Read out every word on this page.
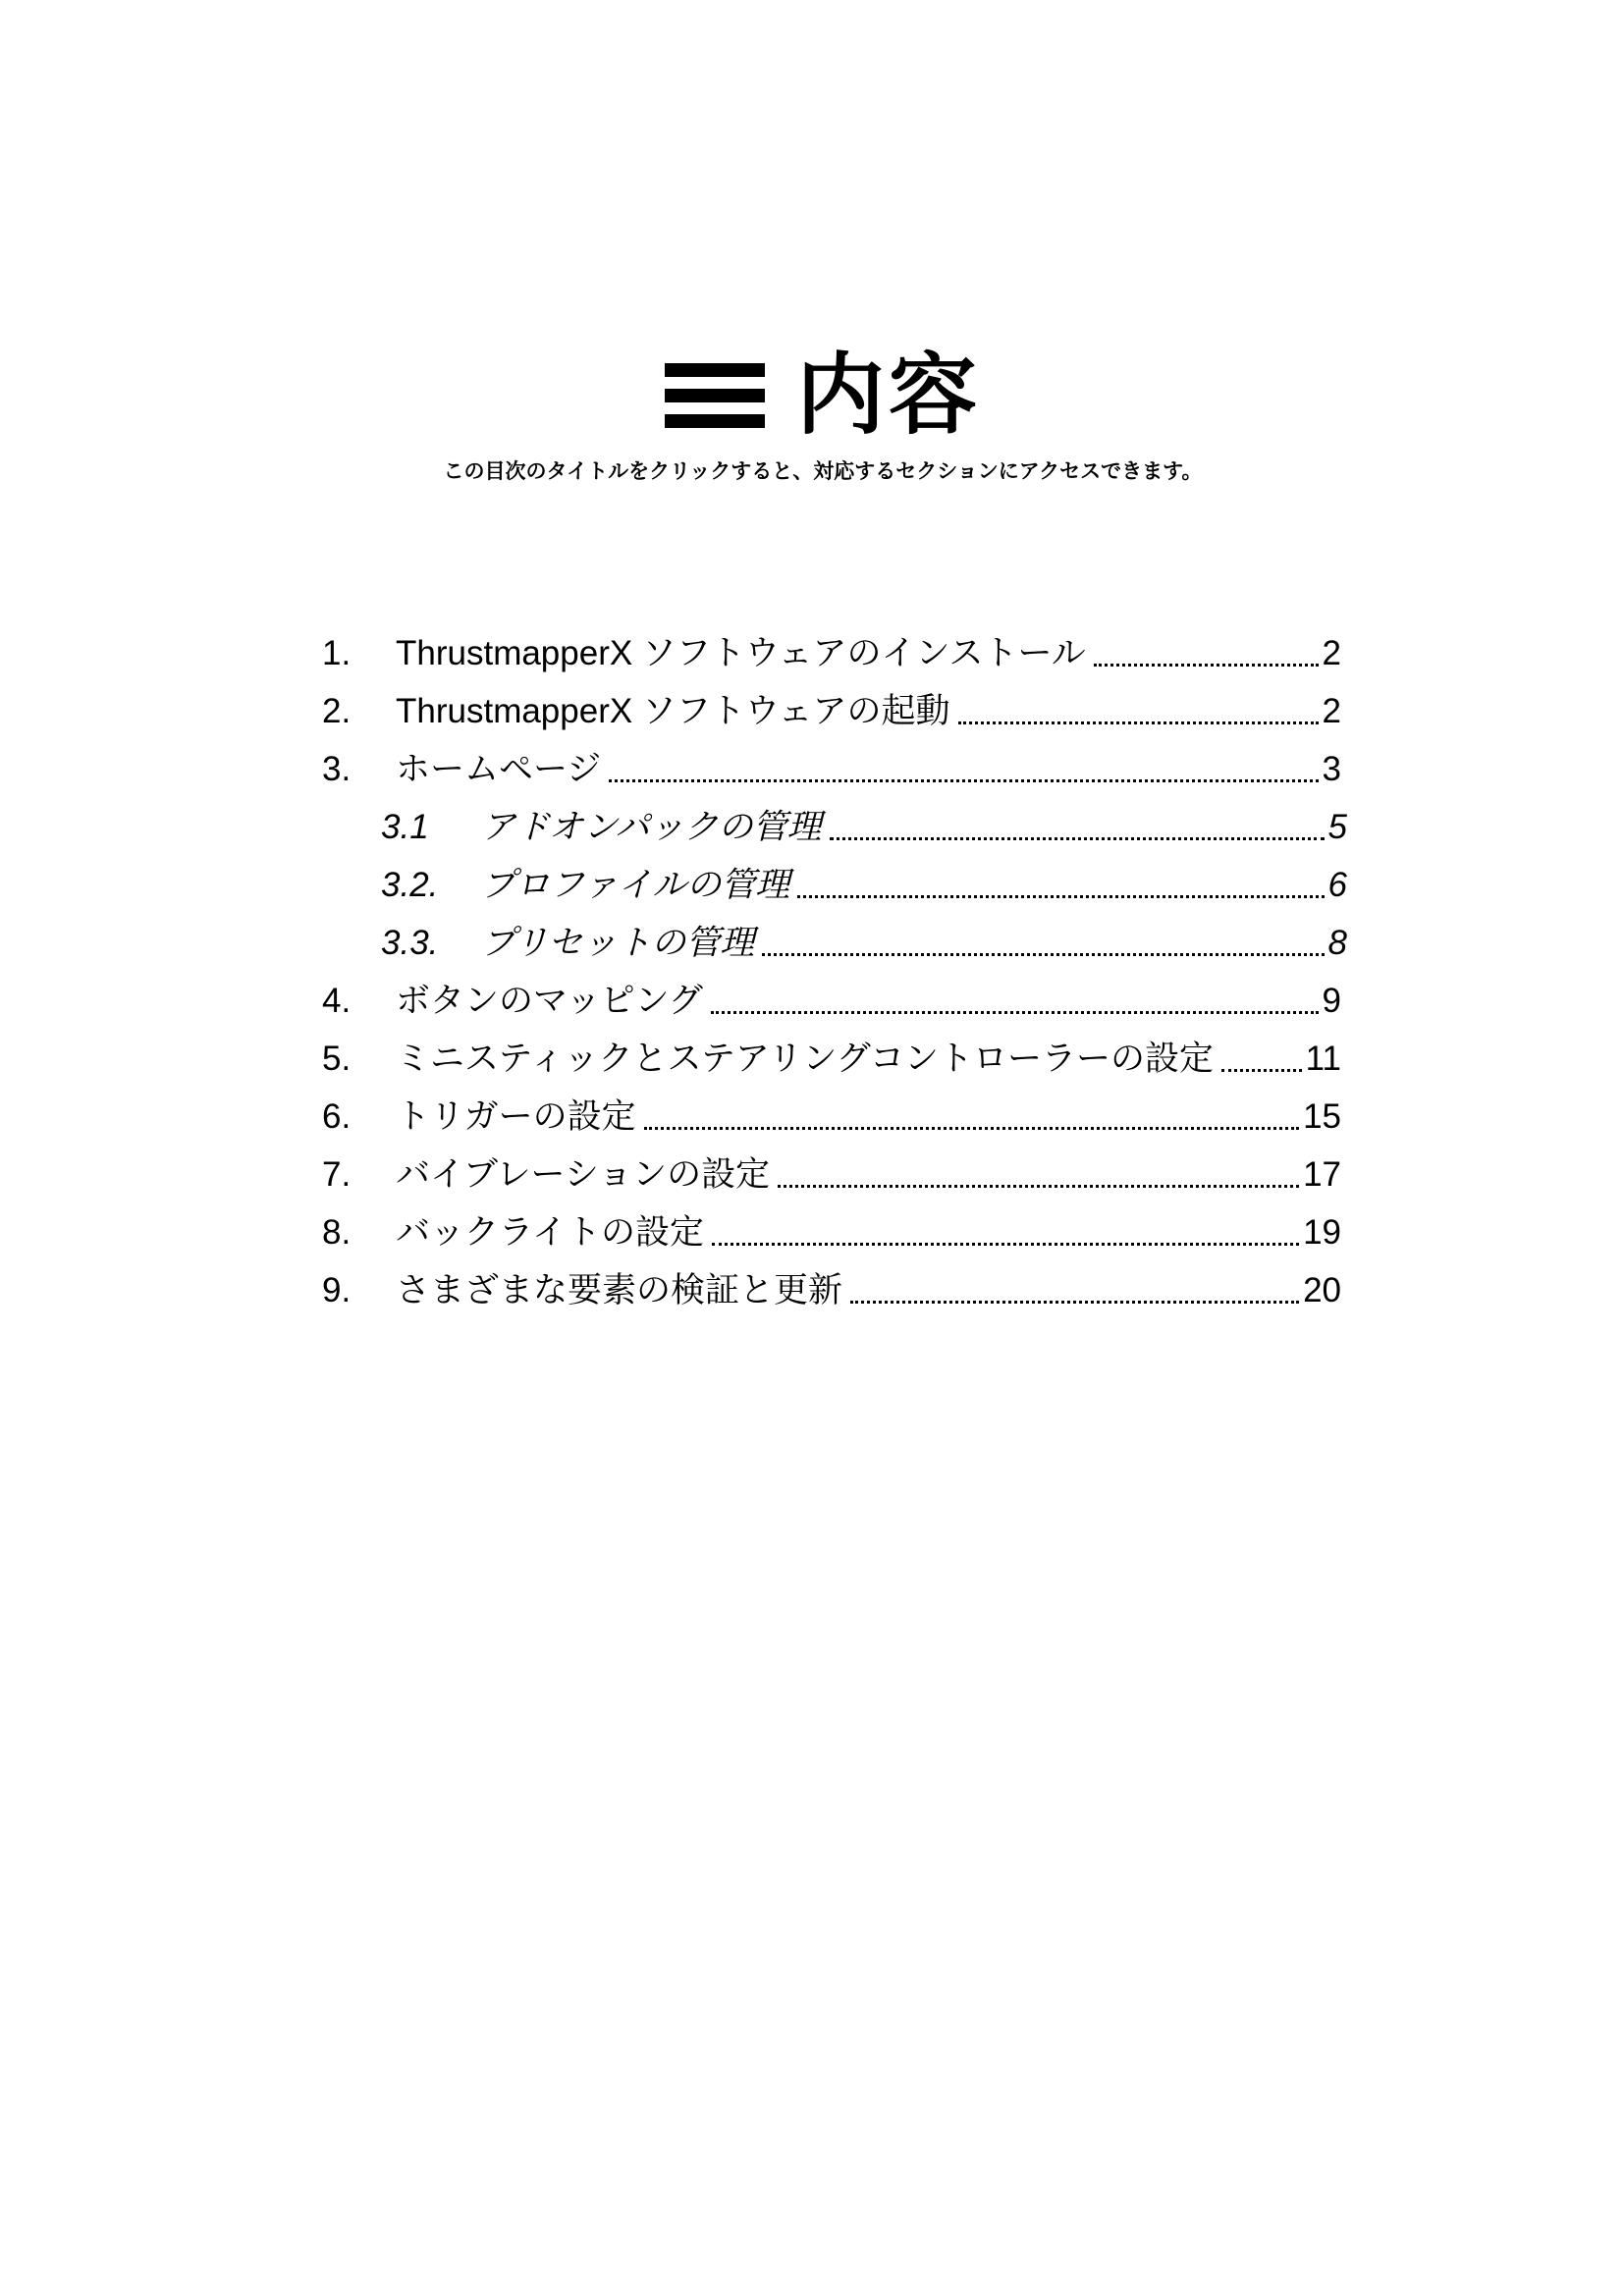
内容
この目次のタイトルをクリックすると、対応するセクションにアクセスできます。
1.	ThrustmapperX ソフトウェアのインストール	2
2.	ThrustmapperX ソフトウェアの起動	2
3.	ホームページ	3
3.1	アドオンパックの管理	5
3.2.	プロファイルの管理	6
3.3.	プリセットの管理	8
4.	ボタンのマッピング	9
5.	ミニスティックとステアリングコントローラーの設定	11
6.	トリガーの設定	15
7.	バイブレーションの設定	17
8.	バックライトの設定	19
9.	さまざまな要素の検証と更新	20
